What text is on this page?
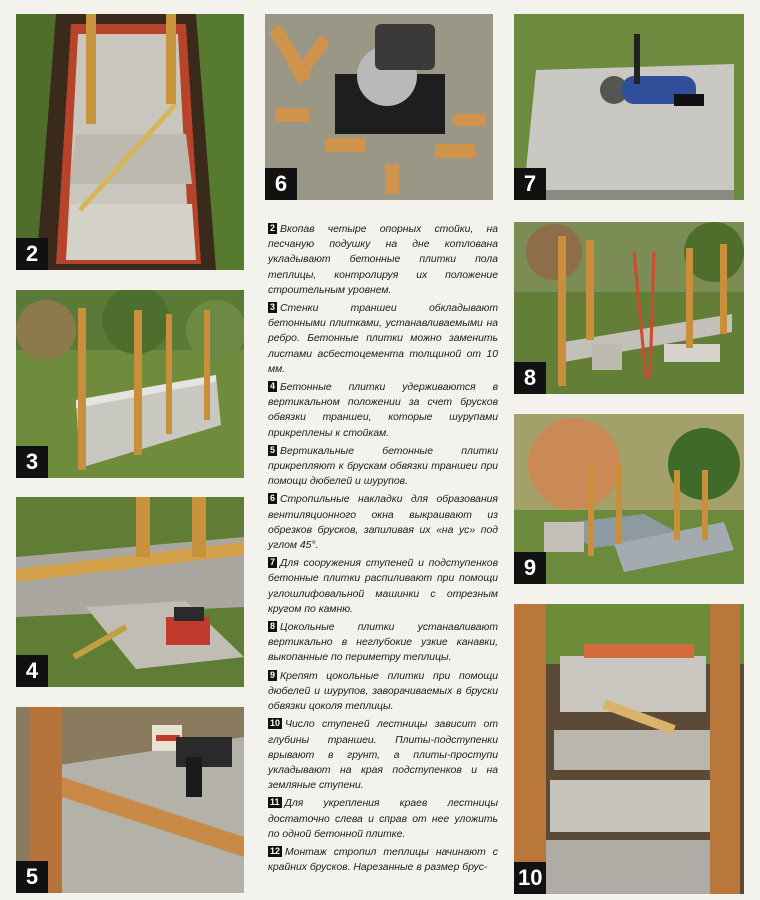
2
3
4
5
6	7
8
9
10

2 Вкопав четыре опорных стойки, на песчаную подушку на дне котлована укладывают бетонные плитки пола теплицы, контролируя их положение строительным уровнем.

3 Стенки траншеи обкладывают бетонными плитками, устанавливаемыми на ребро. Бетонные плитки можно заменить листами асбестоцемента толщиной от 10 мм.

4 Бетонные плитки удерживаются в вертикальном положении за счет брусков обвязки траншеи, которые шурупами прикреплены к стойкам.

5 Вертикальные бетонные плитки прикрепляют к брускам обвязки траншеи при помощи дюбелей и шурупов.

6 Стропильные накладки для образования вентиляционного окна выкраивают из обрезков брусков, запиливая их «на ус» под углом 45°.

7 Для сооружения ступеней и подступенков бетонные плитки распиливают при помощи углошлифовальной машинки с отрезным кругом по камню.

8 Цокольные плитки устанавливают вертикально в неглубокие узкие канавки, выкопанные по периметру теплицы.

9 Крепят цокольные плитки при помощи дюбелей и шурупов, заворачиваемых в бруски обвязки цоколя теплицы.

10 Число ступеней лестницы зависит от глубины траншеи. Плиты-подступенки врывают в грунт, а плиты-проступи укладывают на края подступенков и на земляные ступени.

11 Для укрепления краев лестницы достаточно слева и справ от нее уложить по одной бетонной плитке.

12 Монтаж стропил теплицы начинают с крайних брусков. Нарезанные в размер брус-
